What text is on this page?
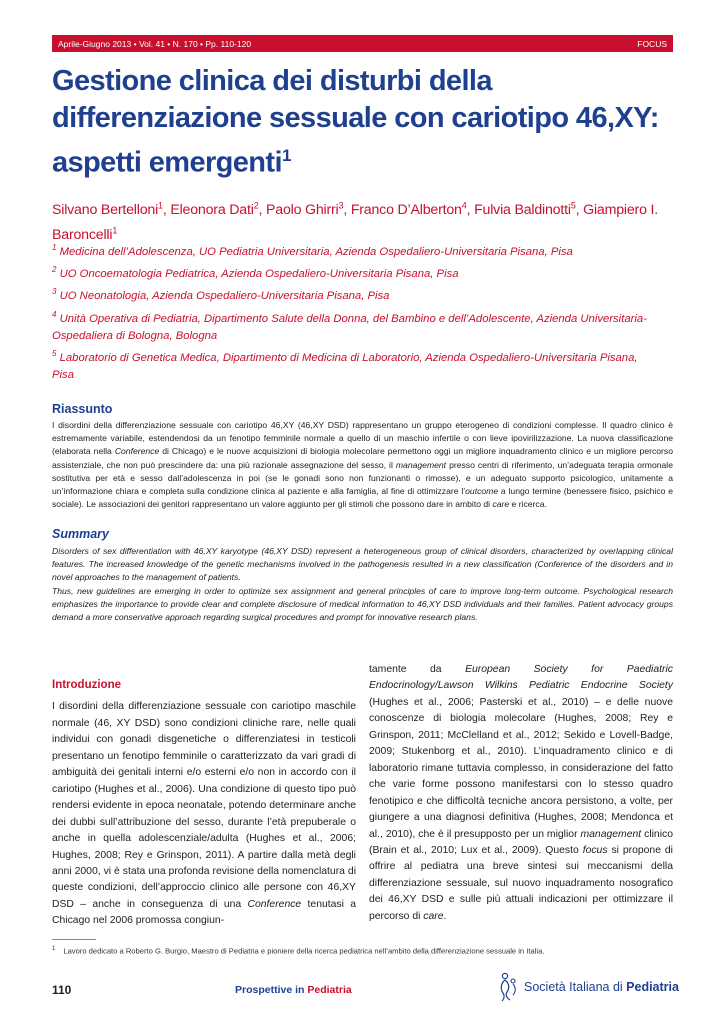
Aprile-Giugno 2013 • Vol. 41 • N. 170 • Pp. 110-120	FOCUS
Gestione clinica dei disturbi della differenziazione sessuale con cariotipo 46,XY: aspetti emergenti$^1$
Silvano Bertelloni$^1$, Eleonora Dati$^2$, Paolo Ghirri$^3$, Franco D’Alberton$^4$, Fulvia Baldinotti$^5$, Giampiero I. Baroncelli$^1$
$^1$ Medicina dell’Adolescenza, UO Pediatria Universitaria, Azienda Ospedaliero-Universitaria Pisana, Pisa
$^2$ UO Oncoematologia Pediatrica, Azienda Ospedaliero-Universitaria Pisana, Pisa
$^3$ UO Neonatologia, Azienda Ospedaliero-Universitaria Pisana, Pisa
$^4$ Unità Operativa di Pediatria, Dipartimento Salute della Donna, del Bambino e dell’Adolescente, Azienda Universitaria-Ospedaliera di Bologna, Bologna
$^5$ Laboratorio di Genetica Medica, Dipartimento di Medicina di Laboratorio, Azienda Ospedaliero-Universitaria Pisana, Pisa
Riassunto
I disordini della differenziazione sessuale con cariotipo 46,XY (46,XY DSD) rappresentano un gruppo eterogeneo di condizioni complesse. Il quadro clinico è estremamente variabile, estendendosi da un fenotipo femminile normale a quello di un maschio infertile o con lieve ipovirilizzazione. La nuova classificazione (elaborata nella Conference di Chicago) e le nuove acquisizioni di biologia molecolare permettono oggi un migliore inquadramento clinico e un migliore percorso assistenziale, che non può prescindere da: una più razionale assegnazione del sesso, il management presso centri di riferimento, un’adeguata terapia ormonale sostitutiva per età e sesso dall’adolescenza in poi (se le gonadi sono non funzionanti o rimosse), e un adeguato supporto psicologico, unitamente a un’informazione chiara e completa sulla condizione clinica al paziente e alla famiglia, al fine di ottimizzare l’outcome a lungo termine (benessere fisico, psichico e sociale). Le associazioni dei genitori rappresentano un valore aggiunto per gli stimoli che possono dare in ambito di care e ricerca.
Summary
Disorders of sex differentiation with 46,XY karyotype (46,XY DSD) represent a heterogeneous group of clinical disorders, characterized by overlapping clinical features. The increased knowledge of the genetic mechanisms involved in the pathogenesis resulted in a new classification (Conference of the disorders and in novel approaches to the management of patients.
Thus, new guidelines are emerging in order to optimize sex assignment and general principles of care to improve long-term outcome. Psychological research emphasizes the importance to provide clear and complete disclosure of medical information to 46,XY DSD individuals and their families. Patient advocacy groups demand a more conservative approach regarding surgical procedures and prompt for innovative research plans.
Introduzione
I disordini della differenziazione sessuale con cariotipo maschile normale (46, XY DSD) sono condizioni cliniche rare, nelle quali individui con gonadi disgenetiche o differenziatesi in testicoli presentano un fenotipo femminile o caratterizzato da vari gradi di ambiguità dei genitali interni e/o esterni e/o non in accordo con il cariotipo (Hughes et al., 2006). Una condizione di questo tipo può rendersi evidente in epoca neonatale, potendo determinare anche dei dubbi sull’attribuzione del sesso, durante l’età prepuberale o anche in quella adolescenziale/adulta (Hughes et al., 2006; Hughes, 2008; Rey e Grinspon, 2011). A partire dalla metà degli anni 2000, vi è stata una profonda revisione della nomenclatura di queste condizioni, dell’approccio clinico alle persone con 46,XY DSD – anche in conseguenza di una Conference tenutasi a Chicago nel 2006 promossa congiun-
tamente da European Society for Paediatric Endocrinology/Lawson Wilkins Pediatric Endocrine Society (Hughes et al., 2006; Pasterski et al., 2010) – e delle nuove conoscenze di biologia molecolare (Hughes, 2008; Rey e Grinspon, 2011; McClelland et al., 2012; Sekido e Lovell-Badge, 2009; Stukenborg et al., 2010). L’inquadramento clinico e di laboratorio rimane tuttavia complesso, in considerazione del fatto che varie forme possono manifestarsi con lo stesso quadro fenotipico e che difficoltà tecniche ancora persistono, a volte, per giungere a una diagnosi definitiva (Hughes, 2008; Mendonca et al., 2010), che è il presupposto per un miglior management clinico (Brain et al., 2010; Lux et al., 2009). Questo focus si propone di offrire al pediatra una breve sintesi sui meccanismi della differenziazione sessuale, sul nuovo inquadramento nosografico dei 46,XY DSD e sulle più attuali indicazioni per ottimizzare il percorso di care.
$^1$ Lavoro dedicato a Roberto G. Burgio, Maestro di Pediatria e pioniere della ricerca pediatrica nell’ambito della differenziazione sessuale in Italia.
110	Prospettive in Pediatria	Società Italiana di Pediatria
